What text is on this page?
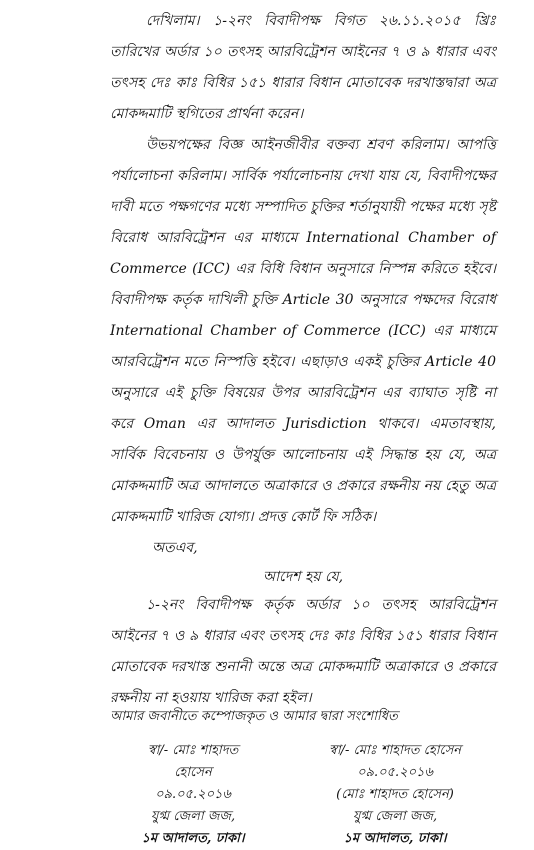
দেখিলাম। ১-২নং বিবাদীপক্ষ বিগত ২৬.১১.২০১৫ খ্রিঃ তারিখের অর্ডার ১০ তৎসহ আরবিট্রেশন আইনের ৭ ও ৯ ধারার এবং তৎসহ দেঃ কাঃ বিধির ১৫১ ধারার বিধান মোতাবেক দরখাস্তদ্বারা অত্র মোকদ্দমাটি স্থগিতের প্রার্থনা করেন।

উভয়পক্ষের বিজ্ঞ আইনজীবীর বক্তব্য শ্রবণ করিলাম। আপত্তি পর্যালোচনা করিলাম। সার্বিক পর্যালোচনায় দেখা যায় যে, বিবাদীপক্ষের দাবী মতে পক্ষগণের মধ্যে সম্পাদিত চুক্তির শর্তানুযায়ী পক্ষের মধ্যে সৃষ্ট বিরোধ আরবিট্রেশন এর মাধ্যমে International Chamber of Commerce (ICC) এর বিধি বিধান অনুসারে নিস্পন্ন করিতে হইবে। বিবাদীপক্ষ কর্তৃক দাখিলী চুক্তি Article 30 অনুসারে পক্ষদের বিরোধ International Chamber of Commerce (ICC) এর মাধ্যমে আরবিট্রেশন মতে নিস্পত্তি হইবে। এছাড়াও একই চুক্তির Article 40 অনুসারে এই চুক্তি বিষয়ের উপর আরবিট্রেশন এর ব্যাঘাত সৃষ্টি না করে Oman এর আদালত Jurisdiction থাকবে। এমতাবস্থায়, সার্বিক বিবেচনায় ও উপর্যুক্ত আলোচনায় এই সিদ্ধান্ত হয় যে, অত্র মোকদ্দমাটি অত্র আদালতে অত্রাকারে ও প্রকারে রক্ষনীয় নয় হেতু অত্র মোকদ্দমাটি খারিজ যোগ্য। প্রদত্ত কোর্ট ফি সঠিক।

অতএব,

আদেশ হয় যে,

১-২নং বিবাদীপক্ষ কর্তৃক অর্ডার ১০ তৎসহ আরবিট্রেশন আইনের ৭ ও ৯ ধারার এবং তৎসহ দেঃ কাঃ বিধির ১৫১ ধারার বিধান মোতাবেক দরখাস্ত শুনানী অন্তে অত্র মোকদ্দমাটি অত্রাকারে ও প্রকারে রক্ষনীয় না হওয়ায় খারিজ করা হইল।

আমার জবানীতে কম্পোজকৃত ও আমার দ্বারা সংশোধিত
স্বা/- মোঃ শাহাদত
হোসেন
০৯.০৫.২০১৬
যুগ্ম জেলা জজ,
১ম আদালত, ঢাকা।
স্বা/- মোঃ শাহাদত হোসেন
০৯.০৫.২০১৬
(মোঃ শাহাদত হোসেন)
যুগ্ম জেলা জজ,
১ম আদালত, ঢাকা।
